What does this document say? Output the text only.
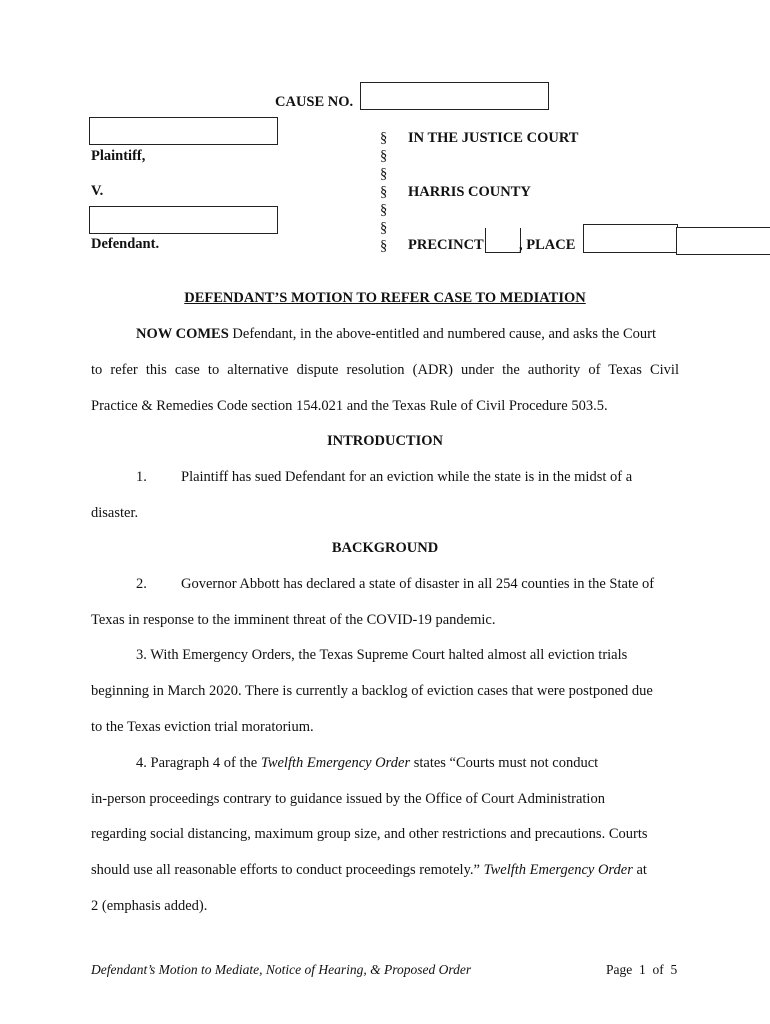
CAUSE NO.
Plaintiff,
V.
Defendant.
§
§
§
§
§
§
§
IN THE JUSTICE COURT
HARRIS COUNTY
PRECINCT , PLACE
DEFENDANT’S MOTION TO REFER CASE TO MEDIATION
NOW COMES Defendant, in the above-entitled and numbered cause, and asks the Court
to refer this case to alternative dispute resolution (ADR) under the authority of Texas Civil
Practice & Remedies Code section 154.021 and the Texas Rule of Civil Procedure 503.5.
INTRODUCTION
1. Plaintiff has sued Defendant for an eviction while the state is in the midst of a
disaster.
BACKGROUND
2. Governor Abbott has declared a state of disaster in all 254 counties in the State of
Texas in response to the imminent threat of the COVID-19 pandemic.
3. With Emergency Orders, the Texas Supreme Court halted almost all eviction trials
beginning in March 2020. There is currently a backlog of eviction cases that were postponed due
to the Texas eviction trial moratorium.
4. Paragraph 4 of the Twelfth Emergency Order states “Courts must not conduct
in-person proceedings contrary to guidance issued by the Office of Court Administration
regarding social distancing, maximum group size, and other restrictions and precautions. Courts
should use all reasonable efforts to conduct proceedings remotely.” Twelfth Emergency Order at
2 (emphasis added).
Defendant’s Motion to Mediate, Notice of Hearing, & Proposed Order	Page  1  of  5
